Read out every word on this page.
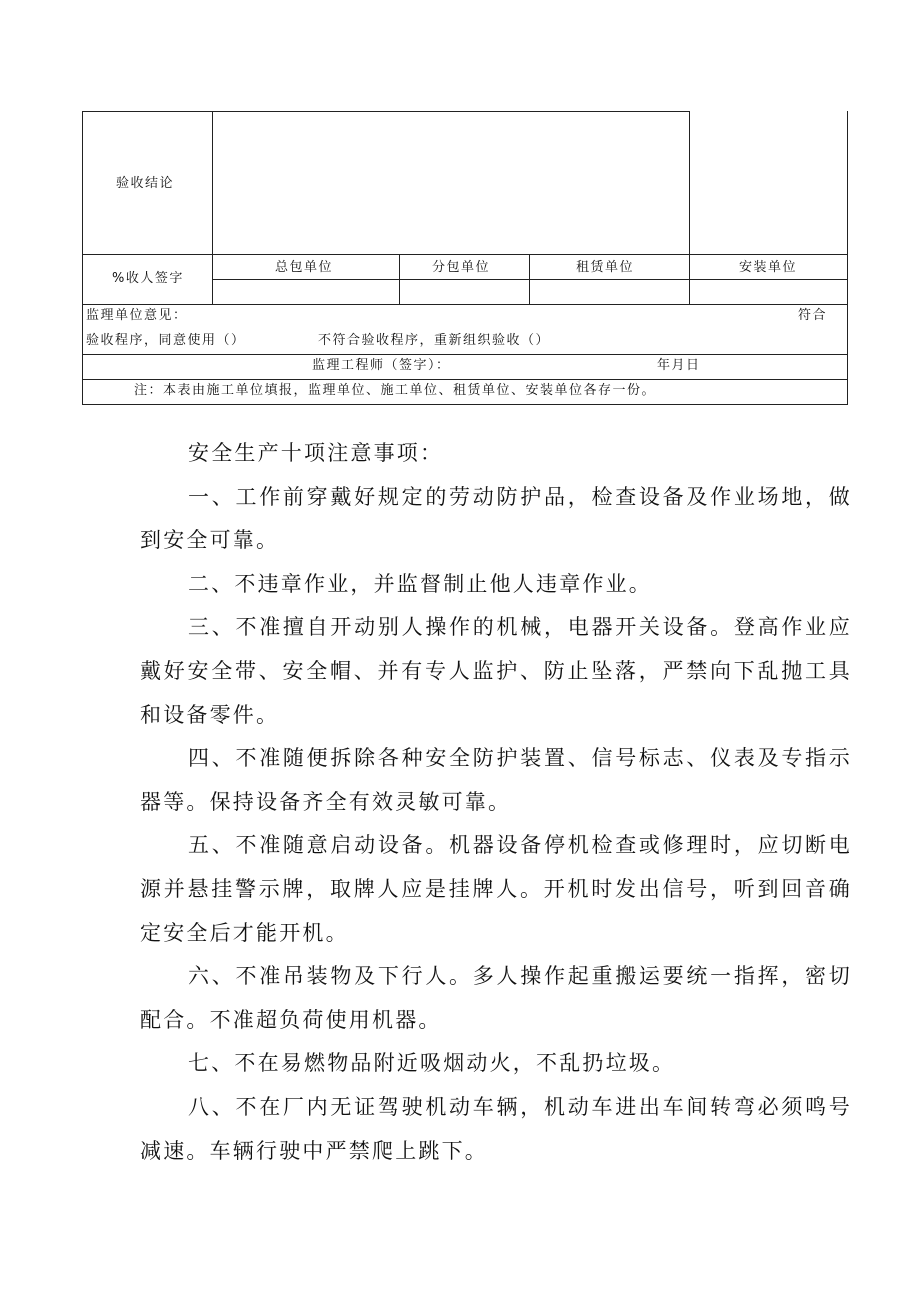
验收结论
%收人签字
总包单位	分包单位	租赁单位	安装单位
监理单位意见：	符合
验收程序，同意使用（）	不符合验收程序，重新组织验收（）
监理工程师（签字）：	年月日
注：本表由施工单位填报，监理单位、施工单位、租赁单位、安装单位各存一份。

安全生产十项注意事项：

一、工作前穿戴好规定的劳动防护品，检查设备及作业场地，做到安全可靠。

二、不违章作业，并监督制止他人违章作业。

三、不准擅自开动别人操作的机械，电器开关设备。登高作业应戴好安全带、安全帽、并有专人监护、防止坠落，严禁向下乱抛工具和设备零件。

四、不准随便拆除各种安全防护装置、信号标志、仪表及专指示器等。保持设备齐全有效灵敏可靠。

五、不准随意启动设备。机器设备停机检查或修理时，应切断电源并悬挂警示牌，取牌人应是挂牌人。开机时发出信号，听到回音确定安全后才能开机。

六、不准吊装物及下行人。多人操作起重搬运要统一指挥，密切配合。不准超负荷使用机器。

七、不在易燃物品附近吸烟动火，不乱扔垃圾。

八、不在厂内无证驾驶机动车辆，机动车进出车间转弯必须鸣号减速。车辆行驶中严禁爬上跳下。
